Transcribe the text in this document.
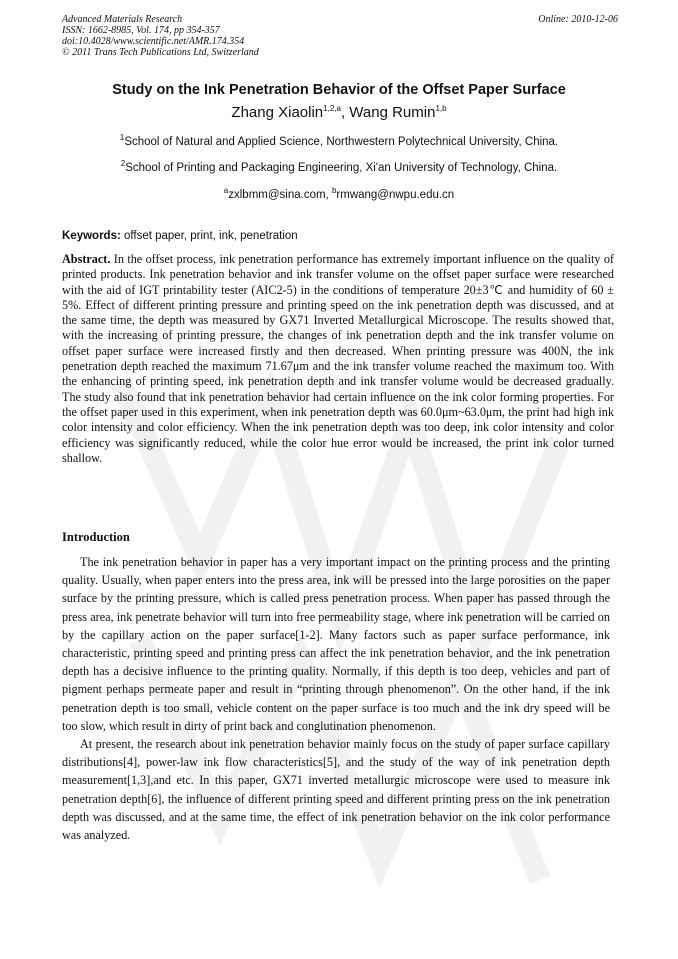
Advanced Materials Research
ISSN: 1662-8985, Vol. 174, pp 354-357
doi:10.4028/www.scientific.net/AMR.174.354
© 2011 Trans Tech Publications Ltd, Switzerland
Online: 2010-12-06
Study on the Ink Penetration Behavior of the Offset Paper Surface
Zhang Xiaolin$^{1,2,a}$, Wang Rumin$^{1,b}$
$^1$School of Natural and Applied Science, Northwestern Polytechnical University, China.
$^2$School of Printing and Packaging Engineering, Xi'an University of Technology, China.
$^a$zxlbmm@sina.com, $^b$rmwang@nwpu.edu.cn
Keywords: offset paper, print, ink, penetration
Abstract. In the offset process, ink penetration performance has extremely important influence on the quality of printed products. Ink penetration behavior and ink transfer volume on the offset paper surface were researched with the aid of IGT printability tester (AIC2-5) in the conditions of temperature 20±3℃ and humidity of 60 ± 5%. Effect of different printing pressure and printing speed on the ink penetration depth was discussed, and at the same time, the depth was measured by GX71 Inverted Metallurgical Microscope. The results showed that, with the increasing of printing pressure, the changes of ink penetration depth and the ink transfer volume on offset paper surface were increased firstly and then decreased. When printing pressure was 400N, the ink penetration depth reached the maximum 71.67μm and the ink transfer volume reached the maximum too. With the enhancing of printing speed, ink penetration depth and ink transfer volume would be decreased gradually. The study also found that ink penetration behavior had certain influence on the ink color forming properties. For the offset paper used in this experiment, when ink penetration depth was 60.0μm~63.0μm, the print had high ink color intensity and color efficiency. When the ink penetration depth was too deep, ink color intensity and color efficiency was significantly reduced, while the color hue error would be increased, the print ink color turned shallow.
Introduction

The ink penetration behavior in paper has a very important impact on the printing process and the printing quality. Usually, when paper enters into the press area, ink will be pressed into the large porosities on the paper surface by the printing pressure, which is called press penetration process. When paper has passed through the press area, ink penetrate behavior will turn into free permeability stage, where ink penetration will be carried on by the capillary action on the paper surface[1-2]. Many factors such as paper surface performance, ink characteristic, printing speed and printing press can affect the ink penetration behavior, and the ink penetration depth has a decisive influence to the printing quality. Normally, if this depth is too deep, vehicles and part of pigment perhaps permeate paper and result in “printing through phenomenon”. On the other hand, if the ink penetration depth is too small, vehicle content on the paper surface is too much and the ink dry speed will be too slow, which result in dirty of print back and conglutination phenomenon.

At present, the research about ink penetration behavior mainly focus on the study of paper surface capillary distributions[4], power-law ink flow characteristics[5], and the study of the way of ink penetration depth measurement[1,3],and etc. In this paper, GX71 inverted metallurgic microscope were used to measure ink penetration depth[6], the influence of different printing speed and different printing press on the ink penetration depth was discussed, and at the same time, the effect of ink penetration behavior on the ink color performance was analyzed.
